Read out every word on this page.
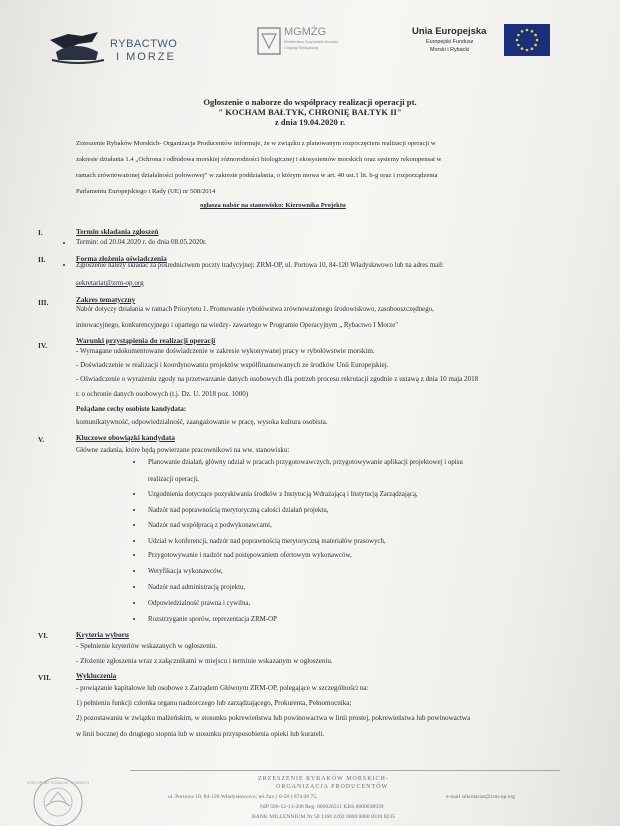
RYBACTWO
I MORZE
MGMŻG
Ministerstwo Gospodarki Morskiej
i Żeglugi Śródlądowej
Unia Europejska
Europejski Fundusz
Morski i Rybacki
Ogłoszenie o naborze do współpracy realizacji operacji pt.
" KOCHAM BAŁTYK, CHRONIĘ BAŁTYK II"
z dnia 19.04.2020 r.
Zrzeszenie Rybaków Morskich- Organizacja Producentów informuje, że w związku z planowanym rozpoczęciem realizacji operacji w
zakresie działania 1.4 „Ochrona i odbudowa morskiej różnorodności biologicznej i ekosystemów morskich oraz systemy rekompensat w
ramach zrównoważonej działalności połowowej" w zakresie poddziałania, o którym mowa w art. 40 ust.1 lit. b-g oraz i rozporządzenia
Parlamentu Europejskiego i Rady (UE) nr 508/2014
ogłasza nabór na stanowisko: Kierownika Projektu
I.	Termin składania zgłoszeń
Termin: od 20.04.2020 r. do dnia 08.05.2020r.
II.	Forma złożenia oświadczenia
Zgłoszenie należy składać za pośrednictwem poczty tradycyjnej: ZRM-OP, ul. Portowa 10, 84-120 Władysławowo lub na adres mail:
sekretariat@zrm-op.org
III.	Zakres tematyczny
Nabór dotyczy działania w ramach Priorytetu 1. Promowanie rybołówstwa zrównoważonego środowiskowo, zasobooszczędnego,
innowacyjnego, konkurencyjnego i opartego na wiedzy- zawartego w Programie Operacyjnym „ Rybactwo I Morze"
IV.
Warunki przystąpienia do realizacji operacji
- Wymagane udokumentowane doświadczenie w zakresie wykonywanej pracy w rybołówstwie morskim.
- Doświadczenie w realizacji i koordynowaniu projektów współfinansowanych ze środków Unii Europejskiej.
- Oświadczenie o wyrażeniu zgody na przetwarzanie danych osobowych dla potrzeb procesu rekrutacji zgodnie z ustawą z dnia 10 maja 2018
r. o ochronie danych osobowych (t.j. Dz. U. 2018 poz. 1000)
Pożądane cechy osobiste kandydata:
komunikatywność, odpowiedzialność, zaangażowanie w pracę, wysoka kultura osobista.
V.	Kluczowe obowiązki kandydata
Główne zadania, które będą powierzane pracownikowi na ww. stanowisku:
VI.	Kryteria wyboru
- Spełnienie kryteriów wskazanych w ogłoszeniu.
- Złożenie zgłoszenia wraz z załącznikami w miejscu i terminie wskazanym w ogłoszeniu.
VII.	Wykluczenia
- powiązanie kapitałowe lub osobowe z Zarządem Głównym ZRM-OP, polegające w szczególności na:
1) pełnieniu funkcji członka organu nadzorczego lub zarządzającego, Prokurenta, Pełnomocnika;
2) pozostawaniu w związku małżeńskim, w stosunku pokrewieństwa lub powinowactwa w linii prostej, pokrewieństwa lub powinowactwa
w linii bocznej do drugiego stopnia lub w stosunku przysposobienia opieki lub kurateli.
ZRZESZENIE RYBAKÓW MORSKICH
ZRZESZENIE RYBAKÓW MORSKICH-
ORGANIZACJA PRODUCENTÓW
ul. Portowa 10, 84-120 Władysławowo; tel./fax ( 0-58 ) 674 06 75,	e-mail sekretariat@zrm-op.org
NIP 586-12-13-208 Reg. 000026511 KRS 0000038939
BANK MILLENNIUM Nr 50 1160 2202 0000 0000 8310 0235
Planowanie działań, główny udział w pracach przygotowawczych, przygotowywanie aplikacji projektowej i opisu
realizacji operacji,
Uzgodnienia dotyczące pozyskiwania środków z Instytucją Wdrażającą i Instytucją Zarządzającą,
Nadzór nad poprawnością merytoryczną całości działań projektu,
Nadzór nad współpracą z podwykonawcami,
Udział w konferencji, nadzór nad poprawnością merytoryczną materiałów prasowych,
Przygotowywanie i nadzór nad postępowaniem ofertowym wykonawców,
Weryfikacja wykonawców,
Nadzór nad administracją projektu,
Odpowiedzialność prawna i cywilna,
Rozstrzyganie sporów, reprezentacja ZRM-OP
